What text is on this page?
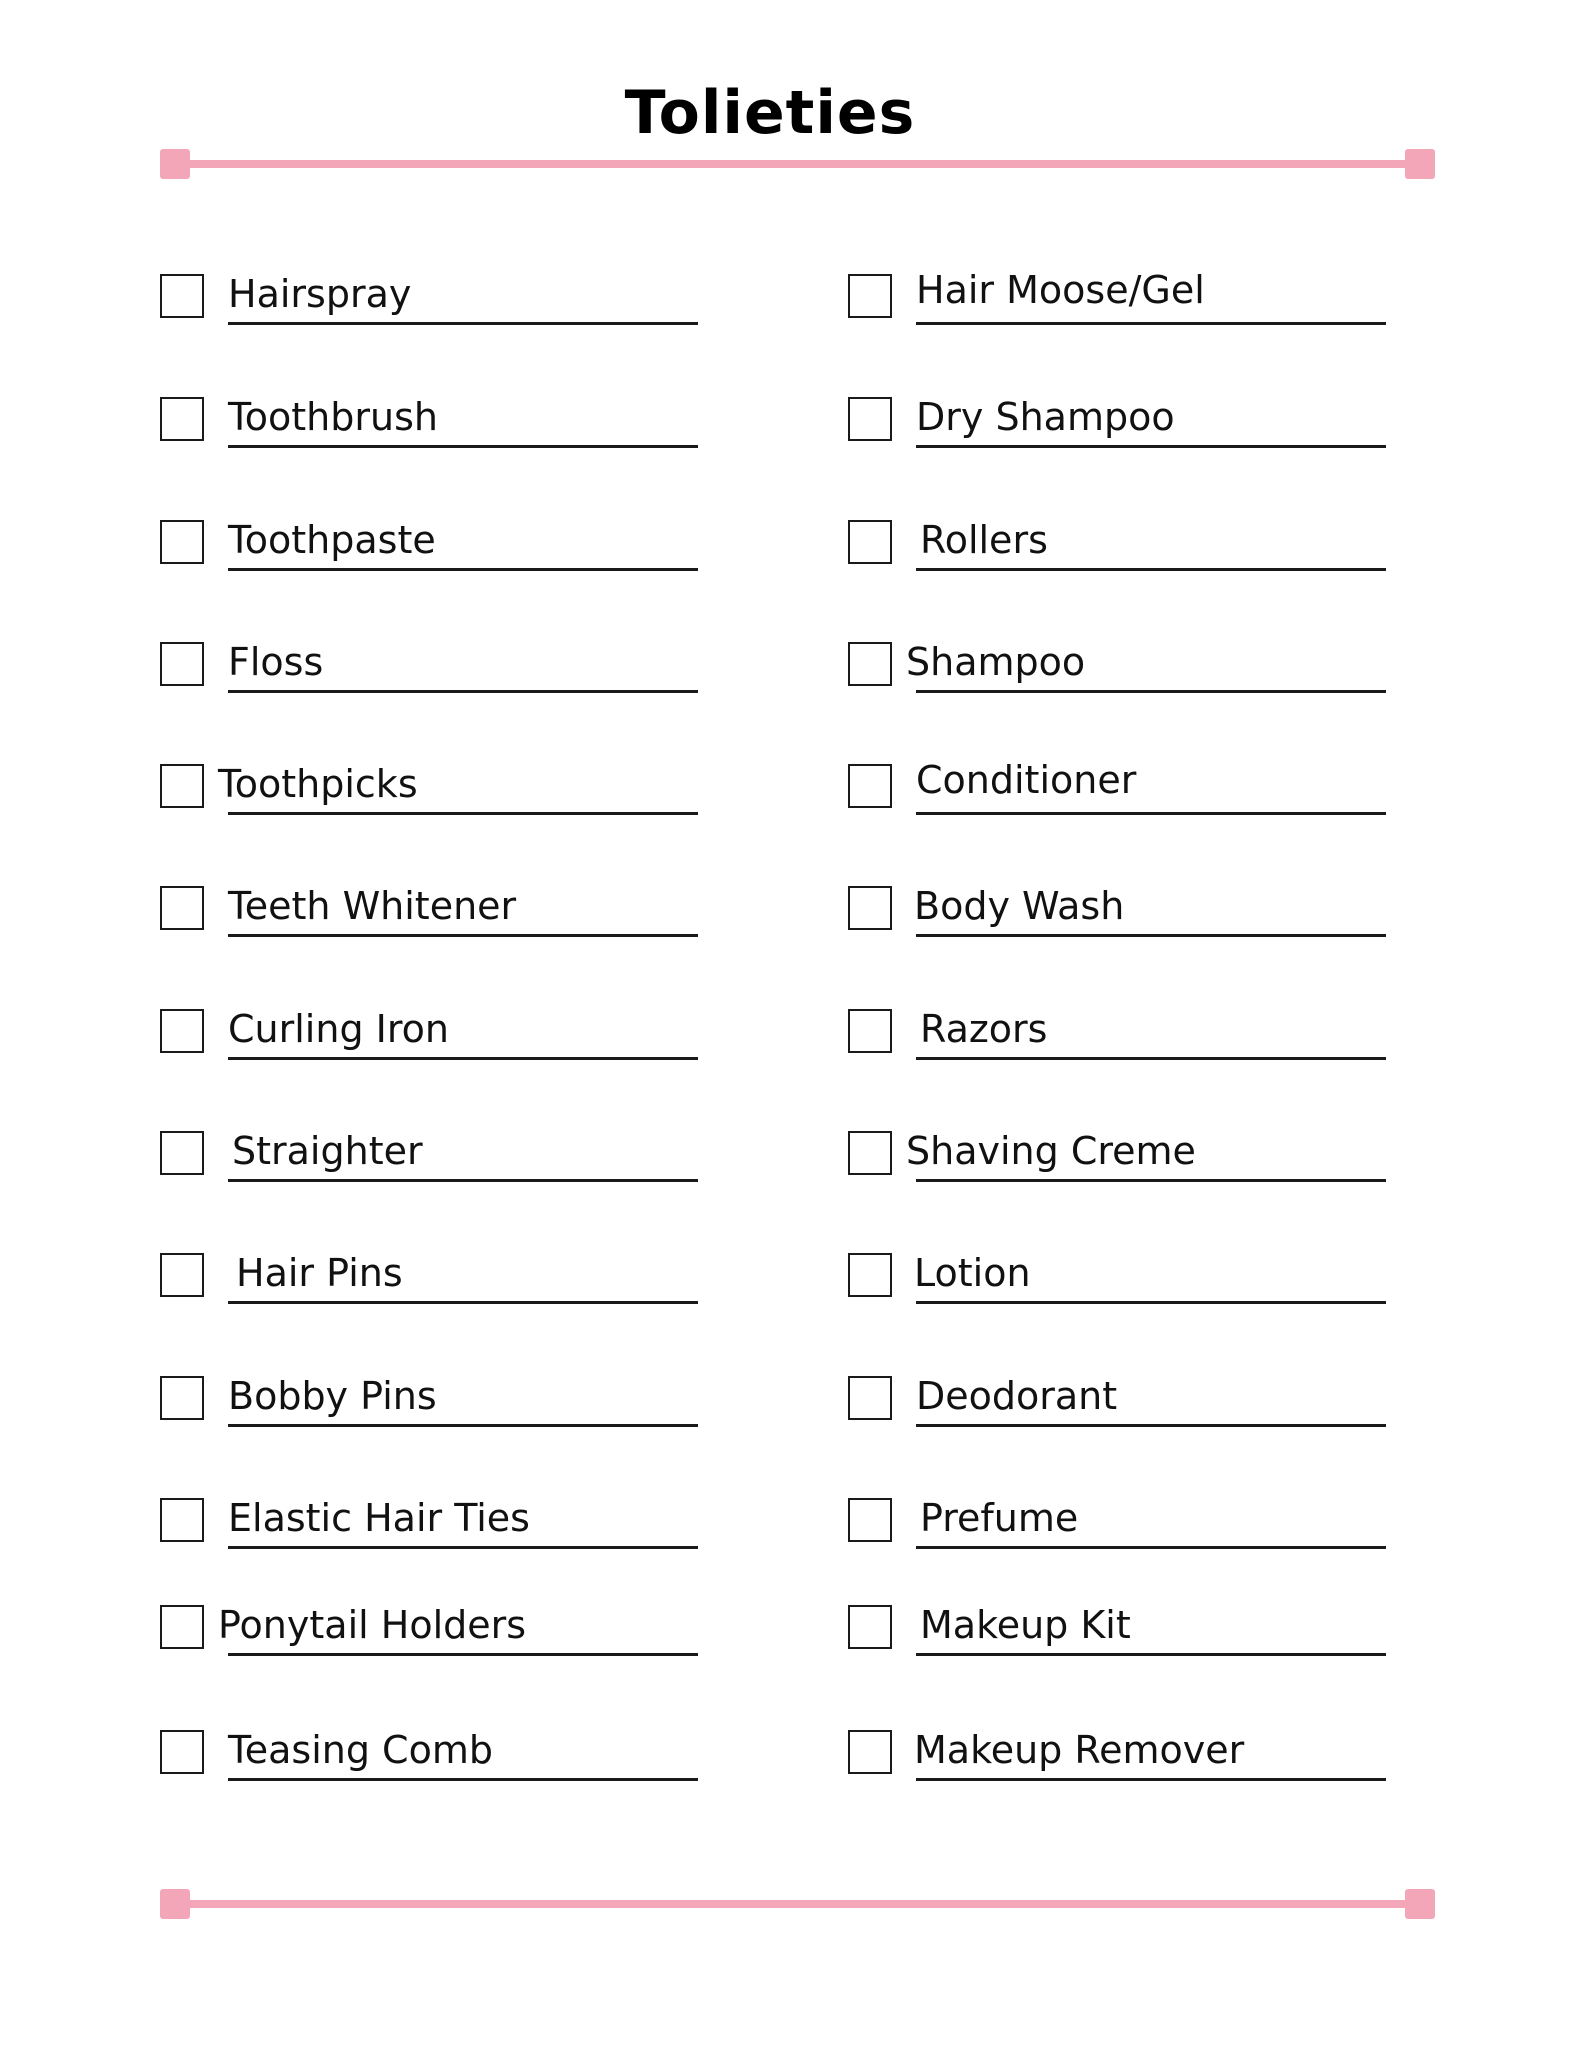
Tolieties
Hairspray
Toothbrush
Toothpaste
Floss
Toothpicks
Teeth Whitener
Curling Iron
Straighter
Hair Pins
Bobby Pins
Elastic Hair Ties
Ponytail Holders
Teasing Comb
Hair Moose/Gel
Dry Shampoo
Rollers
Shampoo
Conditioner
Body Wash
Razors
Shaving Creme
Lotion
Deodorant
Prefume
Makeup Kit
Makeup Remover
